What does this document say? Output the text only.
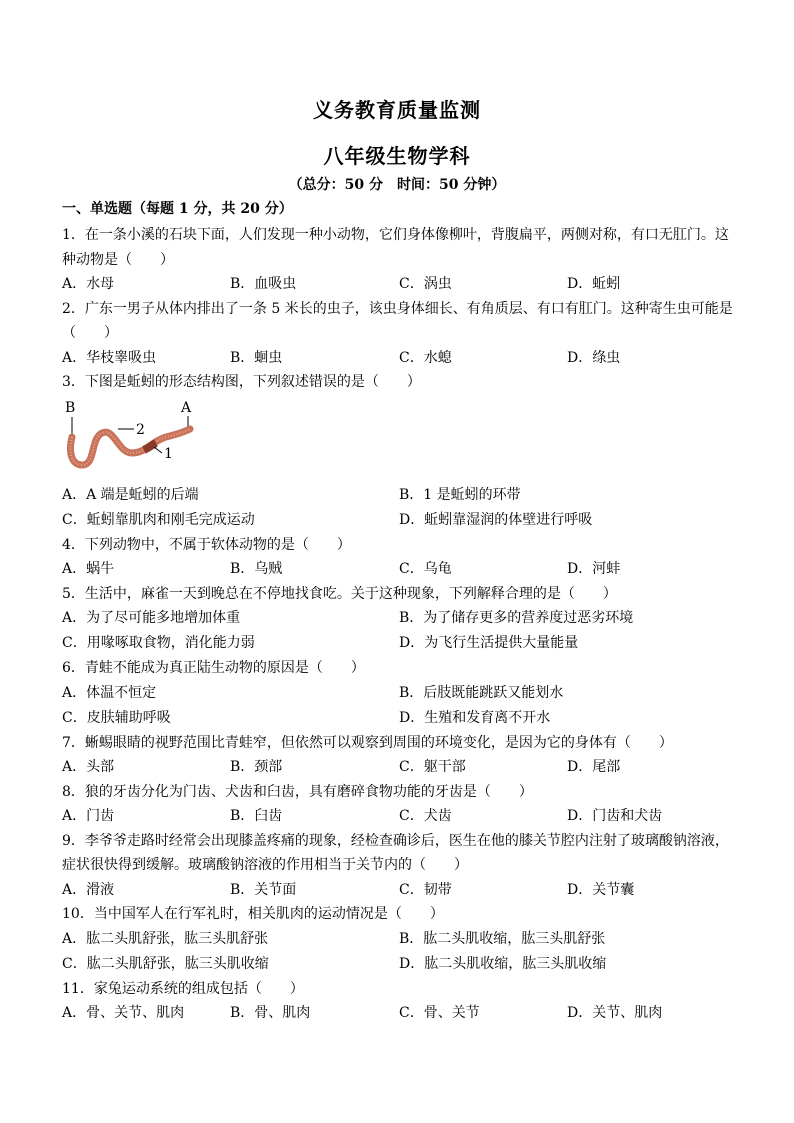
义务教育质量监测
八年级生物学科
（总分：50 分　时间：50 分钟）
一、单选题（每题 1 分，共 20 分）
1．在一条小溪的石块下面，人们发现一种小动物，它们身体像柳叶，背腹扁平，两侧对称，有口无肛门。这
种动物是（　　）
A．水母	B．血吸虫	C．涡虫	D．蚯蚓
2．广东一男子从体内排出了一条 5 米长的虫子，该虫身体细长、有角质层、有口有肛门。这种寄生虫可能是
（　　）
A．华枝睾吸虫	B．蛔虫	C．水螅	D．绦虫
3．下图是蚯蚓的形态结构图，下列叙述错误的是（　　）
B	A
2
1
A．A 端是蚯蚓的后端	B．1 是蚯蚓的环带
C．蚯蚓靠肌肉和刚毛完成运动	D．蚯蚓靠湿润的体壁进行呼吸
4．下列动物中，不属于软体动物的是（　　）
A．蜗牛	B．乌贼	C．乌龟	D．河蚌
5．生活中，麻雀一天到晚总在不停地找食吃。关于这种现象，下列解释合理的是（　　）
A．为了尽可能多地增加体重	B．为了储存更多的营养度过恶劣环境
C．用喙啄取食物，消化能力弱	D．为飞行生活提供大量能量
6．青蛙不能成为真正陆生动物的原因是（　　）
A．体温不恒定	B．后肢既能跳跃又能划水
C．皮肤辅助呼吸	D．生殖和发育离不开水
7．蜥蜴眼睛的视野范围比青蛙窄，但依然可以观察到周围的环境变化，是因为它的身体有（　　）
A．头部	B．颈部	C．躯干部	D．尾部
8．狼的牙齿分化为门齿、犬齿和臼齿，具有磨碎食物功能的牙齿是（　　）
A．门齿	B．臼齿	C．犬齿	D．门齿和犬齿
9．李爷爷走路时经常会出现膝盖疼痛的现象，经检查确诊后，医生在他的膝关节腔内注射了玻璃酸钠溶液，
症状很快得到缓解。玻璃酸钠溶液的作用相当于关节内的（　　）
A．滑液	B．关节面	C．韧带	D．关节囊
10．当中国军人在行军礼时，相关肌肉的运动情况是（　　）
A．肱二头肌舒张，肱三头肌舒张	B．肱二头肌收缩，肱三头肌舒张
C．肱二头肌舒张，肱三头肌收缩	D．肱二头肌收缩，肱三头肌收缩
11．家兔运动系统的组成包括（　　）
A．骨、关节、肌肉	B．骨、肌肉	C．骨、关节	D．关节、肌肉
